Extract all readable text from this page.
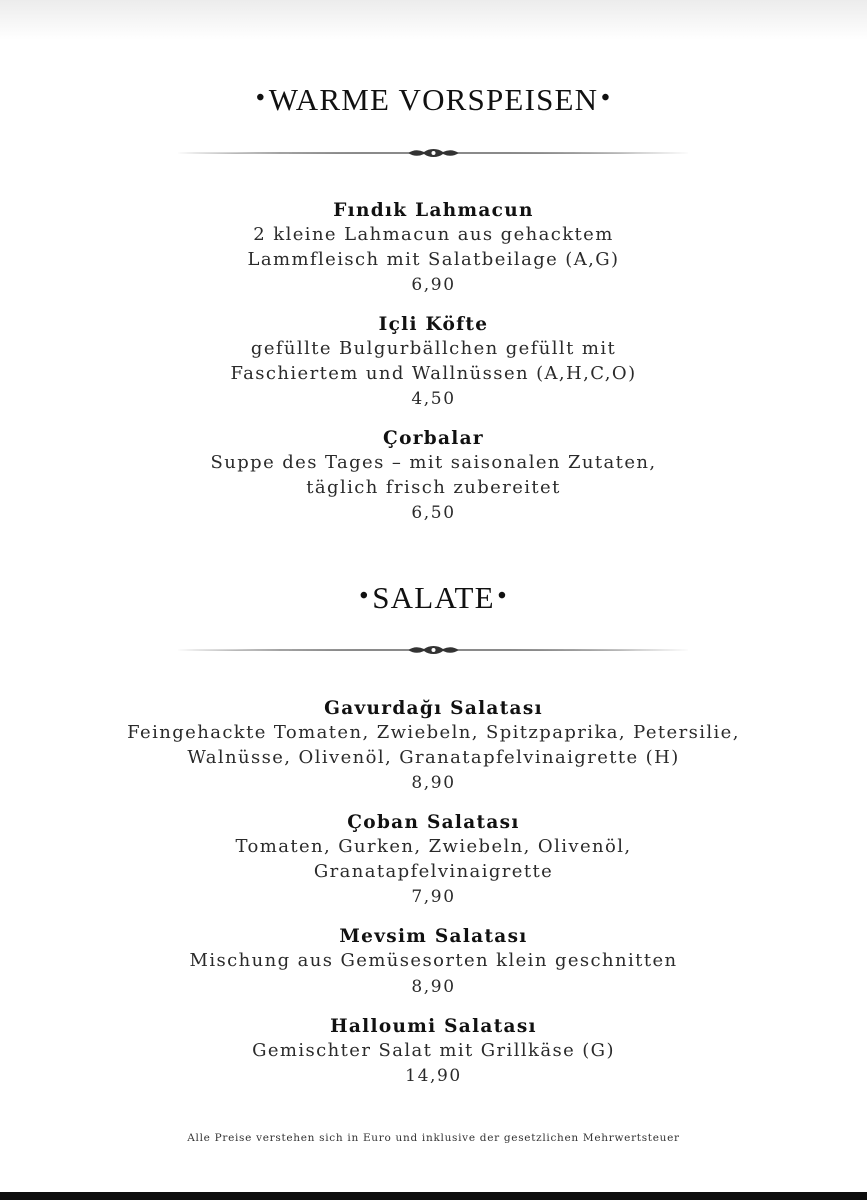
•WARME VORSPEISEN •
Fındık Lahmacun
2 kleine Lahmacun aus gehacktem
Lammfleisch mit Salatbeilage (A,G)
6,90
Içli Köfte
gefüllte Bulgurbällchen gefüllt mit
Faschiertem und Wallnüssen (A,H,C,O)
4,50
Çorbalar
Suppe des Tages – mit saisonalen Zutaten,
täglich frisch zubereitet
6,50
•SALATE •
Gavurdağı Salatası
Feingehackte Tomaten, Zwiebeln, Spitzpaprika, Petersilie,
Walnüsse, Olivenöl, Granatapfelvinaigrette (H)
8,90
Çoban Salatası
Tomaten, Gurken, Zwiebeln, Olivenöl,
Granatapfelvinaigrette
7,90
Mevsim Salatası
Mischung aus Gemüsesorten klein geschnitten
8,90
Halloumi Salatası
Gemischter Salat mit Grillkäse (G)
14,90
Alle Preise verstehen sich in Euro und inklusive der gesetzlichen Mehrwertsteuer
